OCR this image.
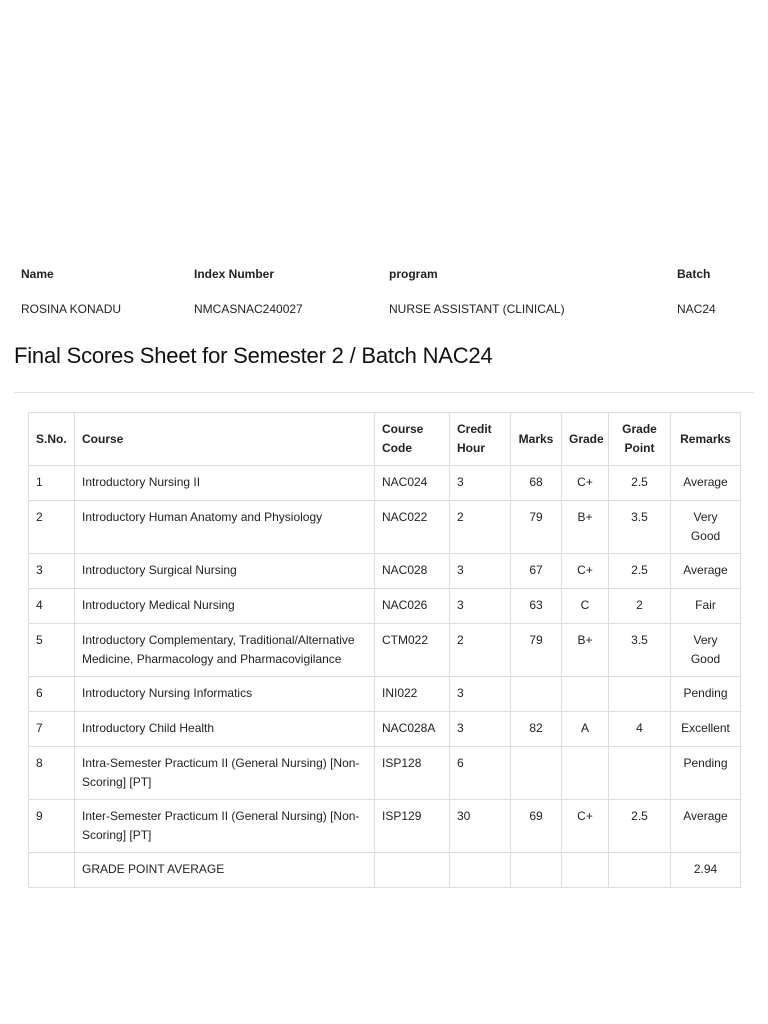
Name	Index Number	program	Batch
ROSINA KONADU	NMCASNAC240027	NURSE ASSISTANT (CLINICAL)	NAC24
Final Scores Sheet for Semester 2 / Batch NAC24
S.No.	Course	Course Code	Credit Hour	Marks	Grade	Grade Point	Remarks
1	Introductory Nursing II	NAC024	3	68	C+	2.5	Average
2	Introductory Human Anatomy and Physiology	NAC022	2	79	B+	3.5	Very Good
3	Introductory Surgical Nursing	NAC028	3	67	C+	2.5	Average
4	Introductory Medical Nursing	NAC026	3	63	C	2	Fair
5	Introductory Complementary, Traditional/Alternative Medicine, Pharmacology and Pharmacovigilance	CTM022	2	79	B+	3.5	Very Good
6	Introductory Nursing Informatics	INI022	3				Pending
7	Introductory Child Health	NAC028A	3	82	A	4	Excellent
8	Intra-Semester Practicum II (General Nursing) [Non-Scoring] [PT]	ISP128	6				Pending
9	Inter-Semester Practicum II (General Nursing) [Non-Scoring] [PT]	ISP129	30	69	C+	2.5	Average
	GRADE POINT AVERAGE						2.94
